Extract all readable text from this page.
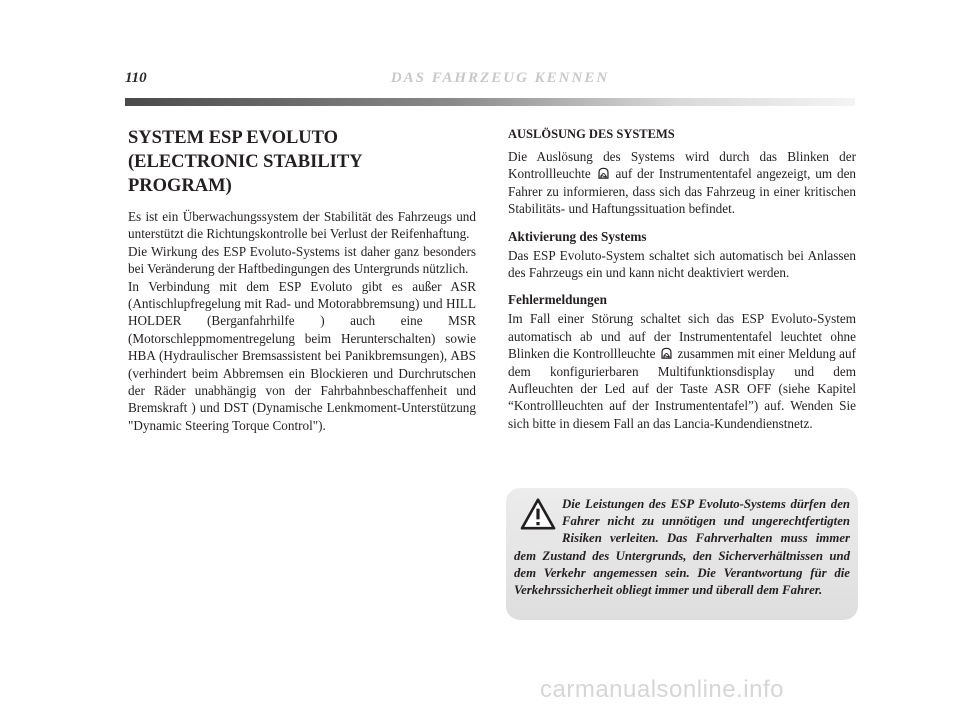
110	DAS FAHRZEUG KENNEN
SYSTEM ESP EVOLUTO
(ELECTRONIC STABILITY
PROGRAM)

Es ist ein Überwachungssystem der Stabilität des Fahrzeugs und unterstützt die Richtungskontrolle bei Verlust der Reifenhaftung.

Die Wirkung des ESP Evoluto-Systems ist daher ganz besonders bei Veränderung der Haftbedingungen des Untergrunds nützlich.

In Verbindung mit dem ESP Evoluto gibt es außer ASR (Antischlupfregelung mit Rad- und Motorabbremsung) und HILL HOLDER (Berganfahrhilfe ) auch eine MSR (Motorschleppmomentregelung beim Herunterschalten) sowie HBA (Hydraulischer Bremsassistent bei Panikbremsungen), ABS (verhindert beim Abbremsen ein Blockieren und Durchrutschen der Räder unabhängig von der Fahrbahnbeschaffenheit und Bremskraft ) und DST (Dynamische Lenkmoment-Unterstützung "Dynamic Steering Torque Control").

AUSLÖSUNG DES SYSTEMS

Die Auslösung des Systems wird durch das Blinken der Kontrollleuchte auf der Instrumententafel angezeigt, um den Fahrer zu informieren, dass sich das Fahrzeug in einer kritischen Stabilitäts- und Haftungssituation befindet.

Aktivierung des Systems

Das ESP Evoluto-System schaltet sich automatisch bei Anlassen des Fahrzeugs ein und kann nicht deaktiviert werden.

Fehlermeldungen

Im Fall einer Störung schaltet sich das ESP Evoluto-System automatisch ab und auf der Instrumententafel leuchtet ohne Blinken die Kontrollleuchte zusammen mit einer Meldung auf dem konfigurierbaren Multifunktionsdisplay und dem Aufleuchten der Led auf der Taste ASR OFF (siehe Kapitel “Kontrollleuchten auf der Instrumententafel”) auf. Wenden Sie sich bitte in diesem Fall an das Lancia-Kundendienstnetz.

Die Leistungen des ESP Evoluto-Systems dürfen den Fahrer nicht zu unnötigen und ungerechtfertigten Risiken verleiten. Das Fahrverhalten muss immer dem Zustand des Untergrunds, den Sicherverhältnissen und dem Verkehr angemessen sein. Die Verantwortung für die Verkehrssicherheit obliegt immer und überall dem Fahrer.

carmanualsonline.info
